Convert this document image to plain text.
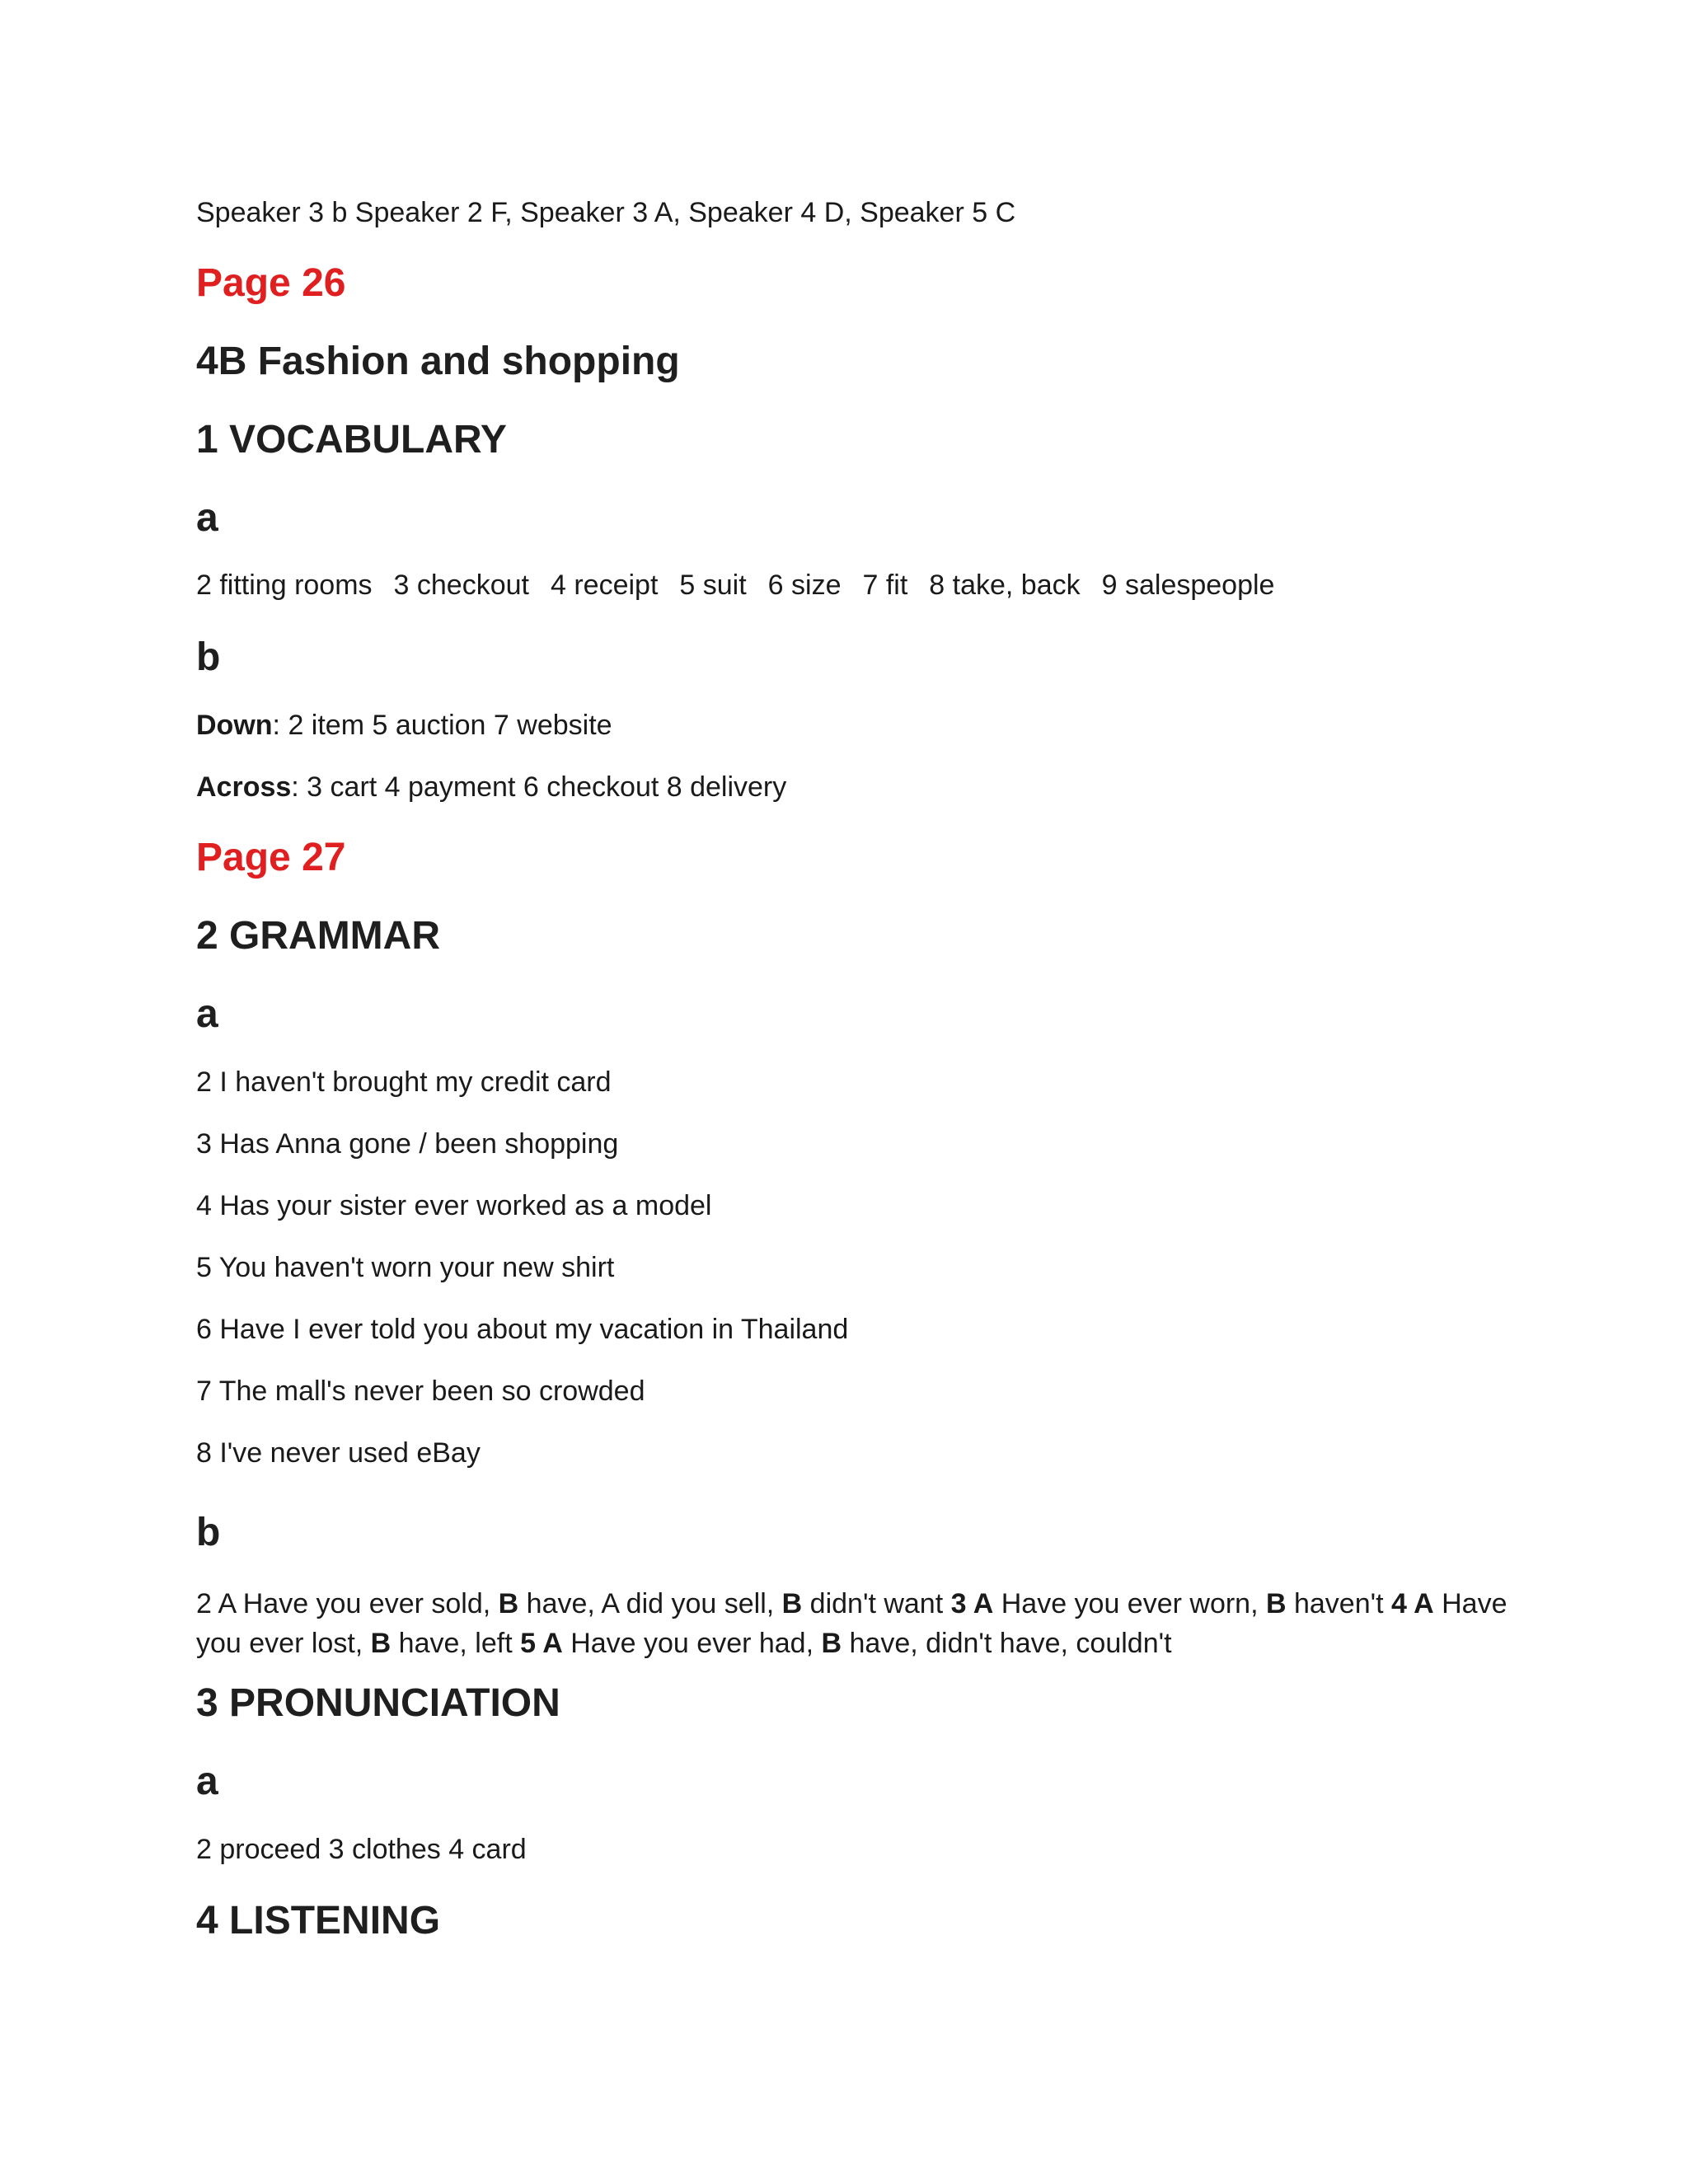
Speaker 3 b Speaker 2 F, Speaker 3 A, Speaker 4 D, Speaker 5 C

Page 26

4B Fashion and shopping

1 VOCABULARY

a

2 fitting rooms 3 checkout 4 receipt 5 suit 6 size 7 fit 8 take, back 9 salespeople

b

Down: 2 item 5 auction 7 website

Across: 3 cart 4 payment 6 checkout 8 delivery

Page 27

2 GRAMMAR

a

2 I haven't brought my credit card

3 Has Anna gone / been shopping

4 Has your sister ever worked as a model

5 You haven't worn your new shirt

6 Have I ever told you about my vacation in Thailand

7 The mall's never been so crowded

8 I've never used eBay

b

2 A Have you ever sold, B have, A did you sell, B didn't want 3 A Have you ever worn, B haven't 4 A Have

you ever lost, B have, left 5 A Have you ever had, B have, didn't have, couldn't

3 PRONUNCIATION

a

2 proceed 3 clothes 4 card

4 LISTENING
